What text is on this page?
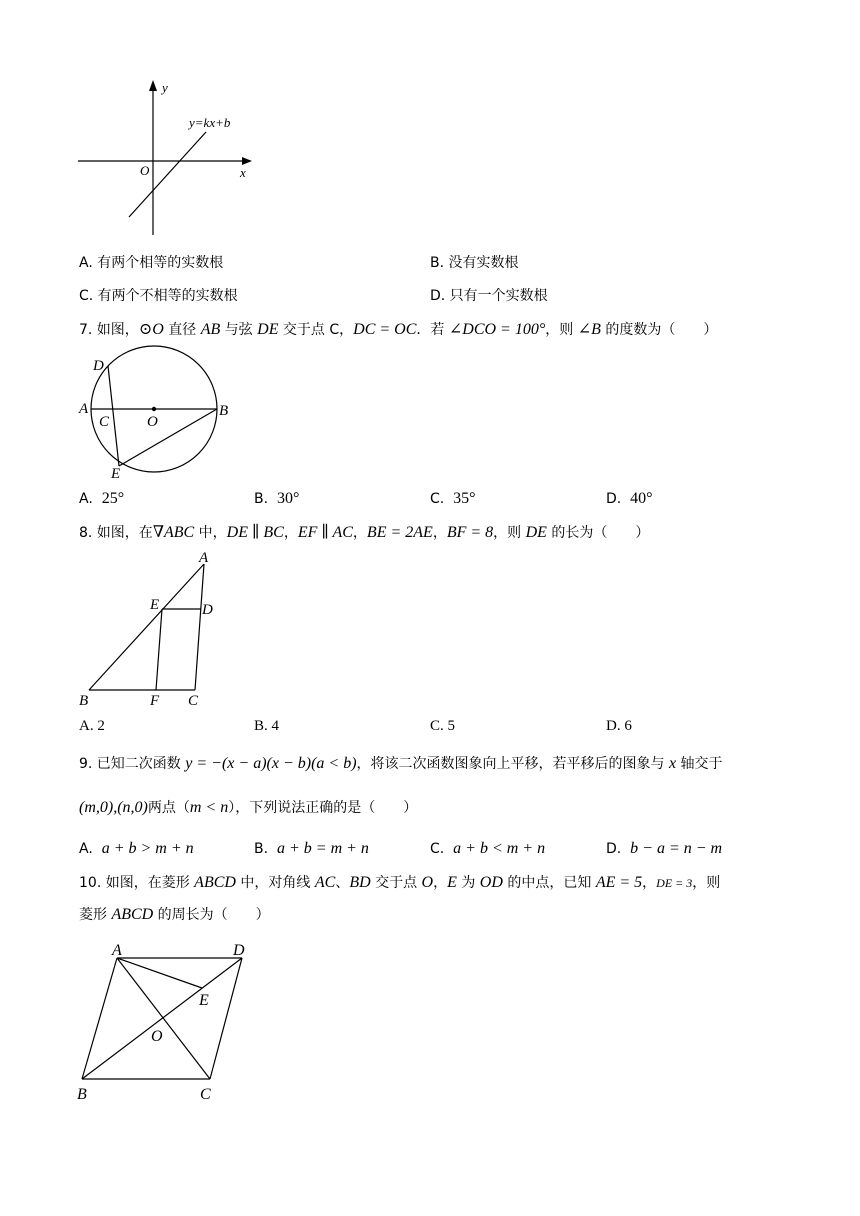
y
x
O
y=kx+b
A. 有两个相等的实数根	B. 没有实数根
C. 有两个不相等的实数根	D. 只有一个实数根
7. 如图，⊙O 直径 AB 与弦 DE 交于点 C，DC = OC．若 ∠DCO = 100°，则 ∠B 的度数为（　　）
D
A
C	O
B
E
A. 25°	B. 30°	C. 35°	D. 40°
8. 如图，在∇ABC 中，DE ∥ BC，EF ∥ AC，BE = 2AE，BF = 8，则 DE 的长为（　　）
A
E	D
B	F C
A. 2	B. 4	C. 5	D. 6
9. 已知二次函数 y = −(x − a)(x − b)(a < b)，将该二次函数图象向上平移，若平移后的图象与 x 轴交于
(m,0),(n,0)两点（m < n），下列说法正确的是（　　）
A. a + b > m + n	B. a + b = m + n	C. a + b < m + n	D. b − a = n − m
10. 如图，在菱形 ABCD 中，对角线 AC、BD 交于点 O，E 为 OD 的中点，已知 AE = 5，DE = 3，则
菱形 ABCD 的周长为（　　）
A	D
E
O
B	C
